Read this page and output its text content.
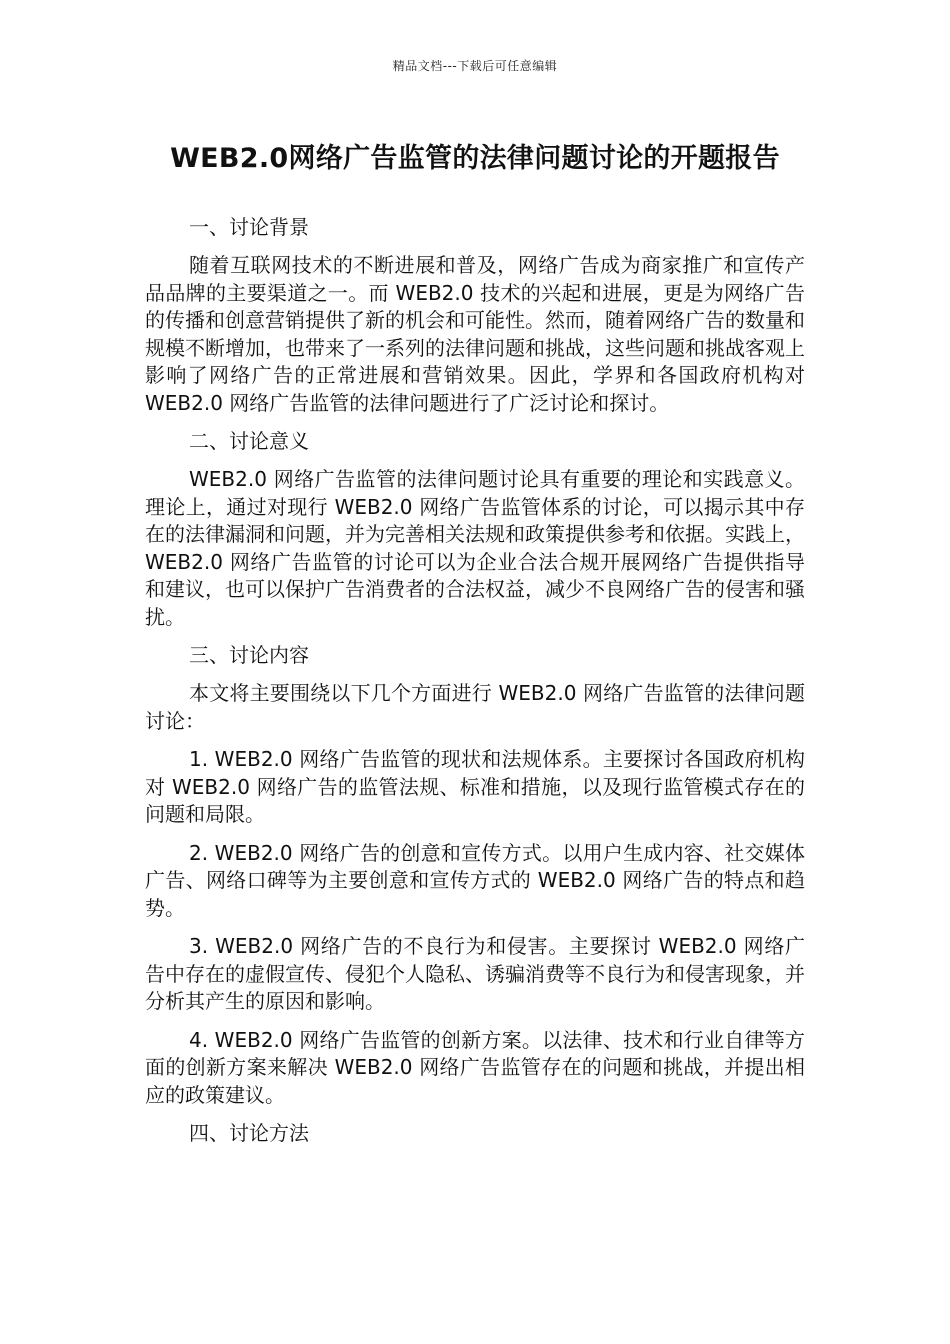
精品文档---下载后可任意编辑
WEB2.0网络广告监管的法律问题讨论的开题报告

一、讨论背景

随着互联网技术的不断进展和普及，网络广告成为商家推广和宣传产品品牌的主要渠道之一。而 WEB2.0 技术的兴起和进展，更是为网络广告的传播和创意营销提供了新的机会和可能性。然而，随着网络广告的数量和规模不断增加，也带来了一系列的法律问题和挑战，这些问题和挑战客观上影响了网络广告的正常进展和营销效果。因此，学界和各国政府机构对 WEB2.0 网络广告监管的法律问题进行了广泛讨论和探讨。

二、讨论意义

WEB2.0 网络广告监管的法律问题讨论具有重要的理论和实践意义。理论上，通过对现行 WEB2.0 网络广告监管体系的讨论，可以揭示其中存在的法律漏洞和问题，并为完善相关法规和政策提供参考和依据。实践上，WEB2.0 网络广告监管的讨论可以为企业合法合规开展网络广告提供指导和建议，也可以保护广告消费者的合法权益，减少不良网络广告的侵害和骚扰。

三、讨论内容

本文将主要围绕以下几个方面进行 WEB2.0 网络广告监管的法律问题讨论：

1. WEB2.0 网络广告监管的现状和法规体系。主要探讨各国政府机构对 WEB2.0 网络广告的监管法规、标准和措施，以及现行监管模式存在的问题和局限。

2. WEB2.0 网络广告的创意和宣传方式。以用户生成内容、社交媒体广告、网络口碑等为主要创意和宣传方式的 WEB2.0 网络广告的特点和趋势。

3. WEB2.0 网络广告的不良行为和侵害。主要探讨 WEB2.0 网络广告中存在的虚假宣传、侵犯个人隐私、诱骗消费等不良行为和侵害现象，并分析其产生的原因和影响。

4. WEB2.0 网络广告监管的创新方案。以法律、技术和行业自律等方面的创新方案来解决 WEB2.0 网络广告监管存在的问题和挑战，并提出相应的政策建议。

四、讨论方法
